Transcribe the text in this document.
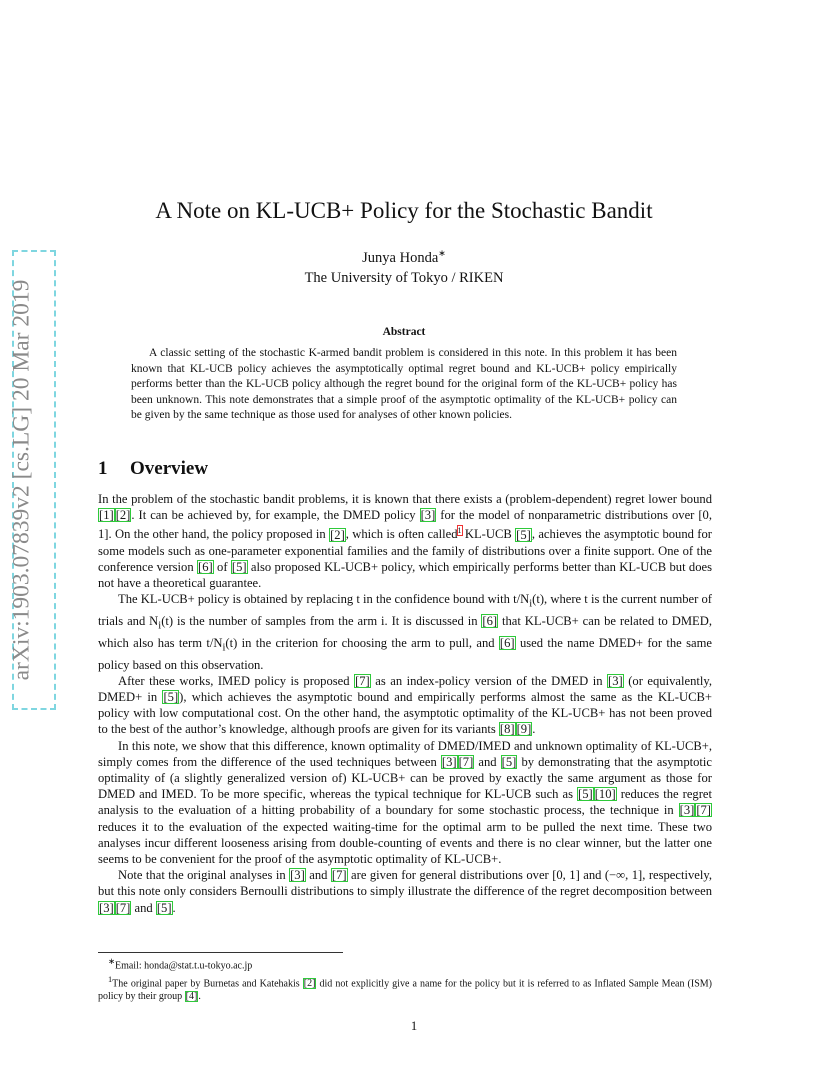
arXiv:1903.07839v2 [cs.LG] 20 Mar 2019
A Note on KL-UCB+ Policy for the Stochastic Bandit
Junya Honda∗
The University of Tokyo / RIKEN
Abstract

A classic setting of the stochastic K-armed bandit problem is considered in this note. In this problem it has been known that KL-UCB policy achieves the asymptotically optimal regret bound and KL-UCB+ policy empirically performs better than the KL-UCB policy although the regret bound for the original form of the KL-UCB+ policy has been unknown. This note demonstrates that a simple proof of the asymptotic optimality of the KL-UCB+ policy can be given by the same technique as those used for analyses of other known policies.

1 Overview

In the problem of the stochastic bandit problems, it is known that there exists a (problem-dependent) regret lower bound [1] [2]. It can be achieved by, for example, the DMED policy [3] for the model of nonparametric distributions over [0, 1]. On the other hand, the policy proposed in [2], which is often called$^1$ KL-UCB [5], achieves the asymptotic bound for some models such as one-parameter exponential families and the family of distributions over a finite support. One of the conference version [6] of [5] also proposed KL-UCB+ policy, which empirically performs better than KL-UCB but does not have a theoretical guarantee.

The KL-UCB+ policy is obtained by replacing t in the confidence bound with $t/N_i(t)$, where t is the current number of trials and $N_i(t)$ is the number of samples from the arm i. It is discussed in [6] that KL-UCB+ can be related to DMED, which also has term $t/N_i(t)$ in the criterion for choosing the arm to pull, and [6] used the name DMED+ for the same policy based on this observation.

After these works, IMED policy is proposed [7] as an index-policy version of the DMED in [3] (or equivalently, DMED+ in [5]), which achieves the asymptotic bound and empirically performs almost the same as the KL-UCB+ policy with low computational cost. On the other hand, the asymptotic optimality of the KL-UCB+ has not been proved to the best of the author’s knowledge, although proofs are given for its variants [8] [9].

In this note, we show that this difference, known optimality of DMED/IMED and unknown optimality of KL-UCB+, simply comes from the difference of the used techniques between [3] [7] and [5] by demonstrating that the asymptotic optimality of (a slightly generalized version of) KL-UCB+ can be proved by exactly the same argument as those for DMED and IMED. To be more specific, whereas the typical technique for KL-UCB such as [5] [10] reduces the regret analysis to the evaluation of a hitting probability of a boundary for some stochastic process, the technique in [3] [7] reduces it to the evaluation of the expected waiting-time for the optimal arm to be pulled the next time. These two analyses incur different looseness arising from double-counting of events and there is no clear winner, but the latter one seems to be convenient for the proof of the asymptotic optimality of KL-UCB+.

Note that the original analyses in [3] and [7] are given for general distributions over [0, 1] and (−∞, 1], respectively, but this note only considers Bernoulli distributions to simply illustrate the difference of the regret decomposition between [3] [7] and [5].

∗Email: honda@stat.t.u-tokyo.ac.jp

$^1$The original paper by Burnetas and Katehakis [2] did not explicitly give a name for the policy but it is referred to as Inflated Sample Mean (ISM) policy by their group [4].

1
